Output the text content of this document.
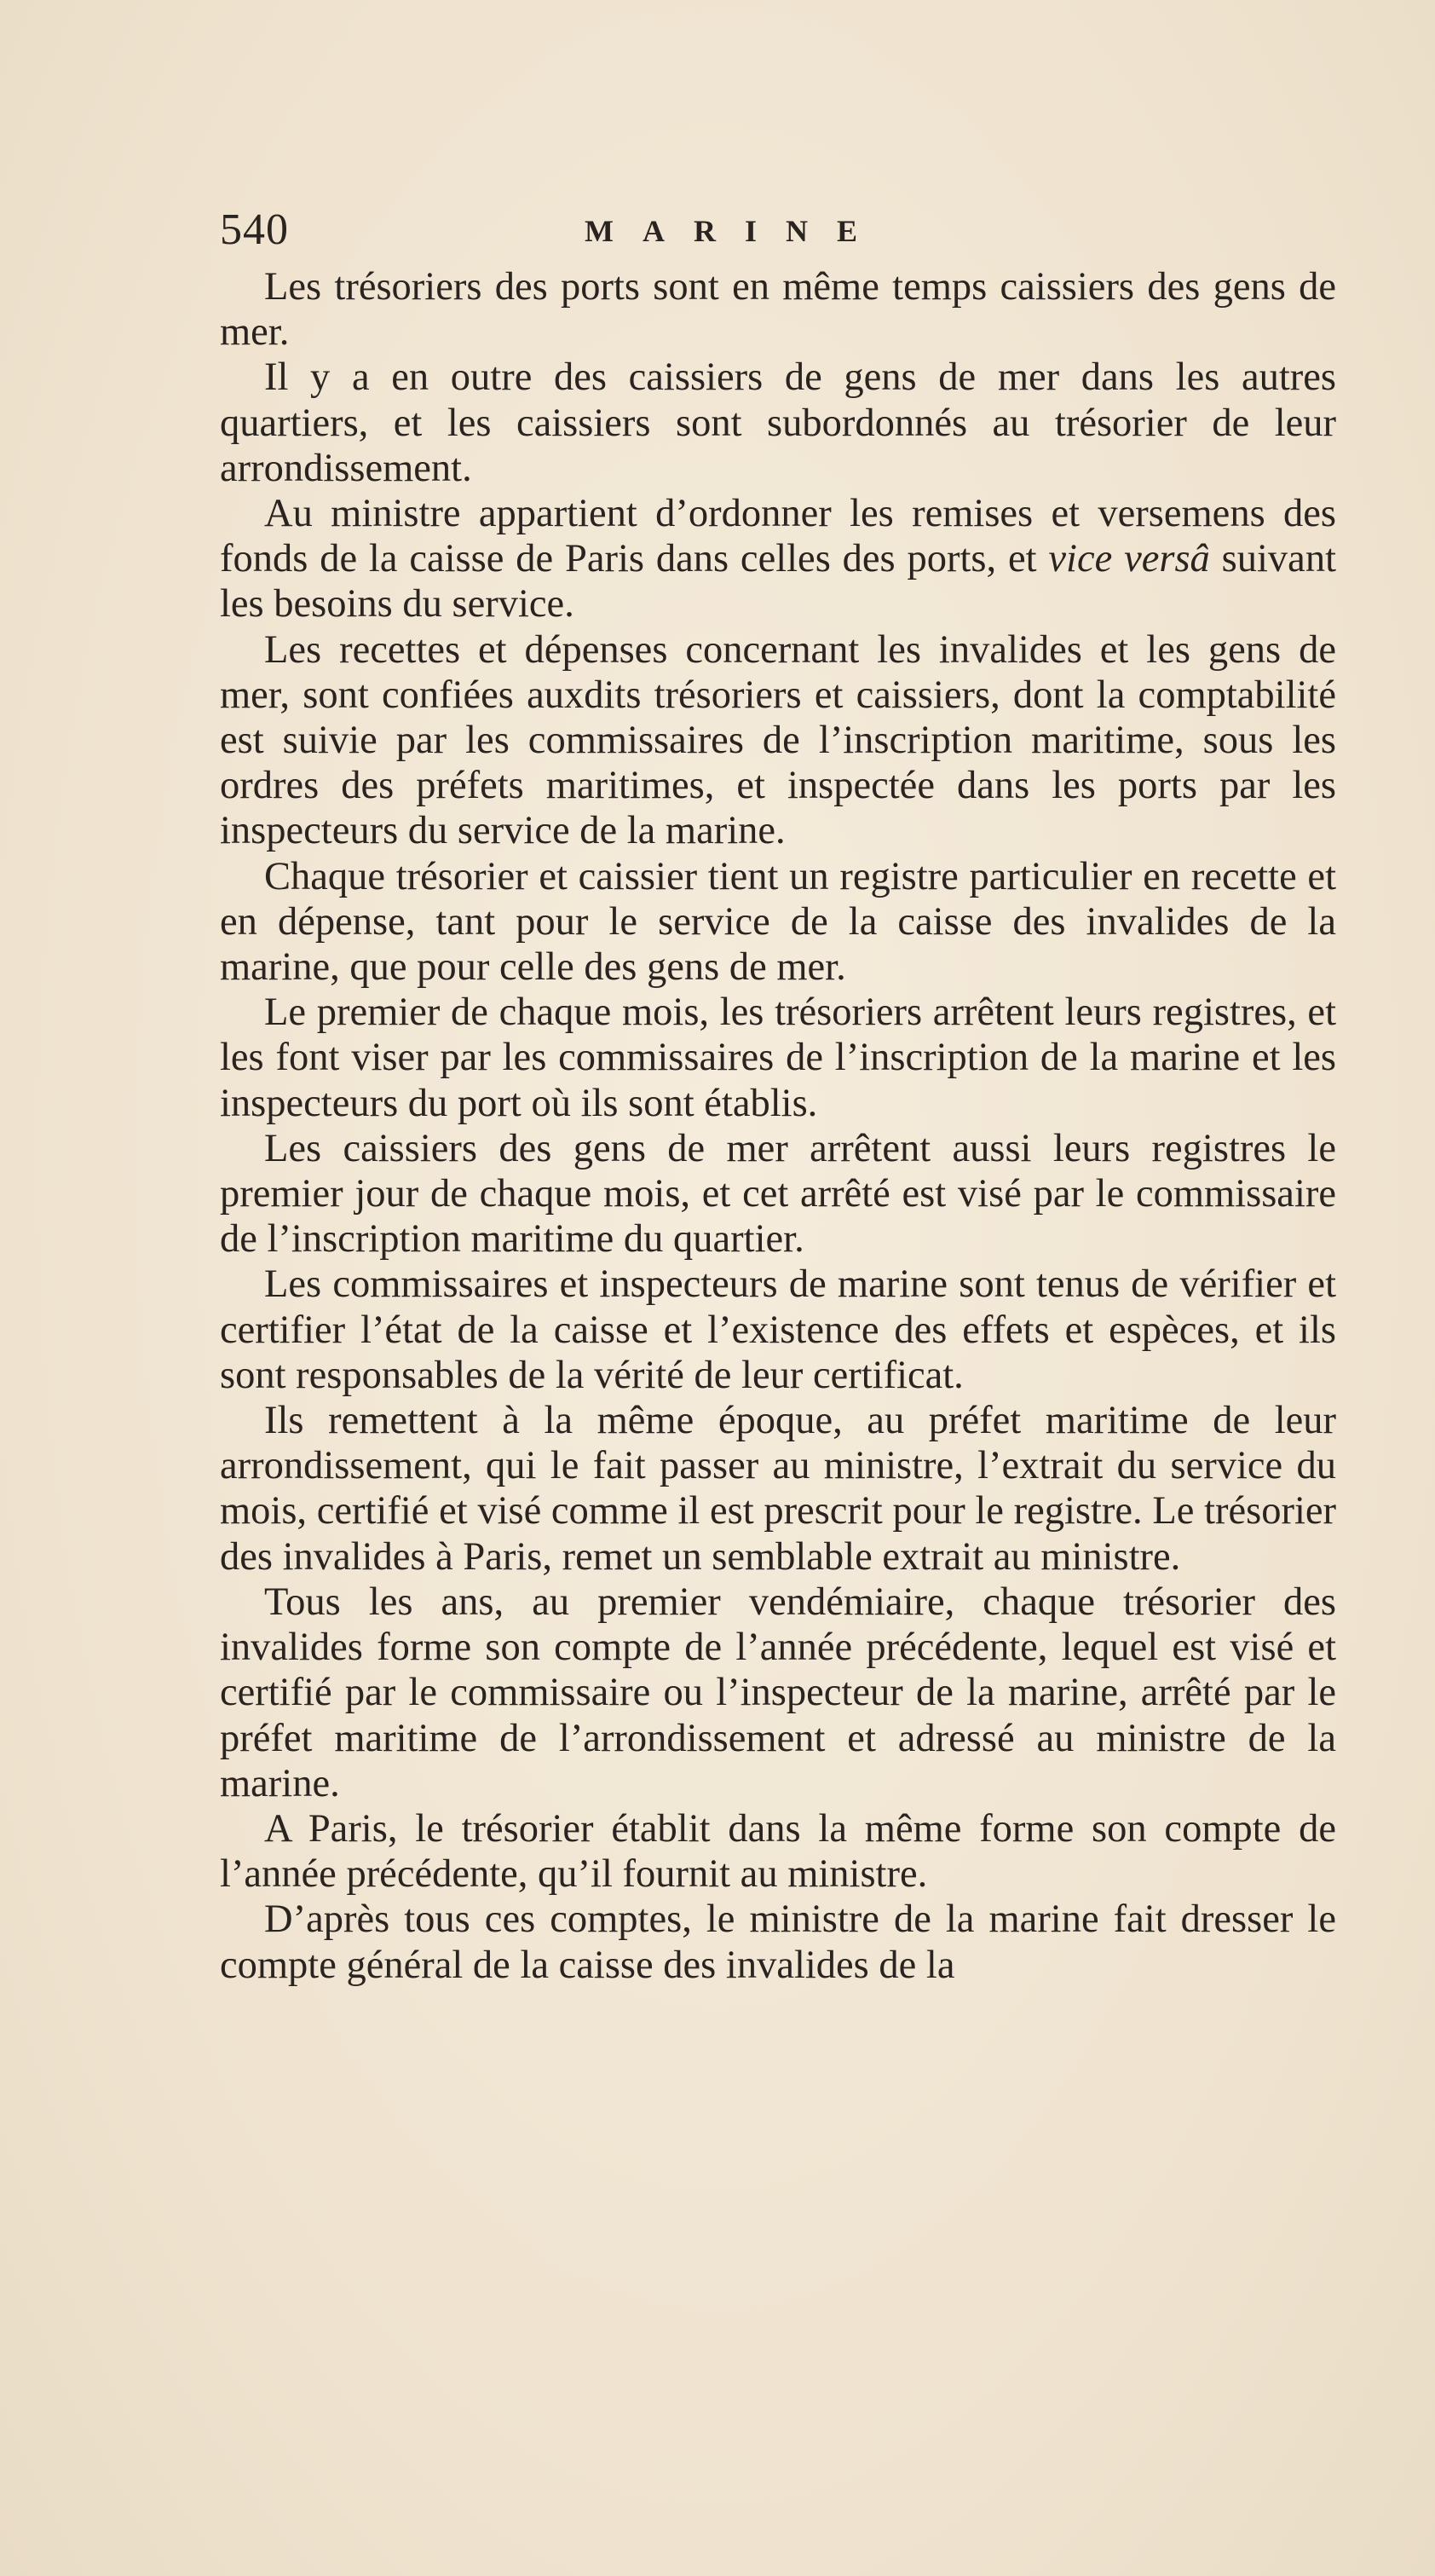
540	MARINE

Les trésoriers des ports sont en même temps caissiers des gens de mer.

Il y a en outre des caissiers de gens de mer dans les autres quartiers, et les caissiers sont subordonnés au trésorier de leur arrondissement.

Au ministre appartient d’ordonner les remises et versemens des fonds de la caisse de Paris dans celles des ports, et vice versâ suivant les besoins du service.

Les recettes et dépenses concernant les invalides et les gens de mer, sont confiées auxdits trésoriers et caissiers, dont la comptabilité est suivie par les commissaires de l’inscription maritime, sous les ordres des préfets maritimes, et inspectée dans les ports par les inspecteurs du service de la marine.

Chaque trésorier et caissier tient un registre particulier en recette et en dépense, tant pour le service de la caisse des invalides de la marine, que pour celle des gens de mer.

Le premier de chaque mois, les trésoriers arrêtent leurs registres, et les font viser par les commissaires de l’inscription de la marine et les inspecteurs du port où ils sont établis.

Les caissiers des gens de mer arrêtent aussi leurs registres le premier jour de chaque mois, et cet arrêté est visé par le commissaire de l’inscription maritime du quartier.

Les commissaires et inspecteurs de marine sont tenus de vérifier et certifier l’état de la caisse et l’existence des effets et espèces, et ils sont responsables de la vérité de leur certificat.

Ils remettent à la même époque, au préfet maritime de leur arrondissement, qui le fait passer au ministre, l’extrait du service du mois, certifié et visé comme il est prescrit pour le registre. Le trésorier des invalides à Paris, remet un semblable extrait au ministre.

Tous les ans, au premier vendémiaire, chaque trésorier des invalides forme son compte de l’année précédente, lequel est visé et certifié par le commissaire ou l’inspecteur de la marine, arrêté par le préfet maritime de l’arrondissement et adressé au ministre de la marine.

A Paris, le trésorier établit dans la même forme son compte de l’année précédente, qu’il fournit au ministre.

D’après tous ces comptes, le ministre de la marine fait dresser le compte général de la caisse des invalides de la
